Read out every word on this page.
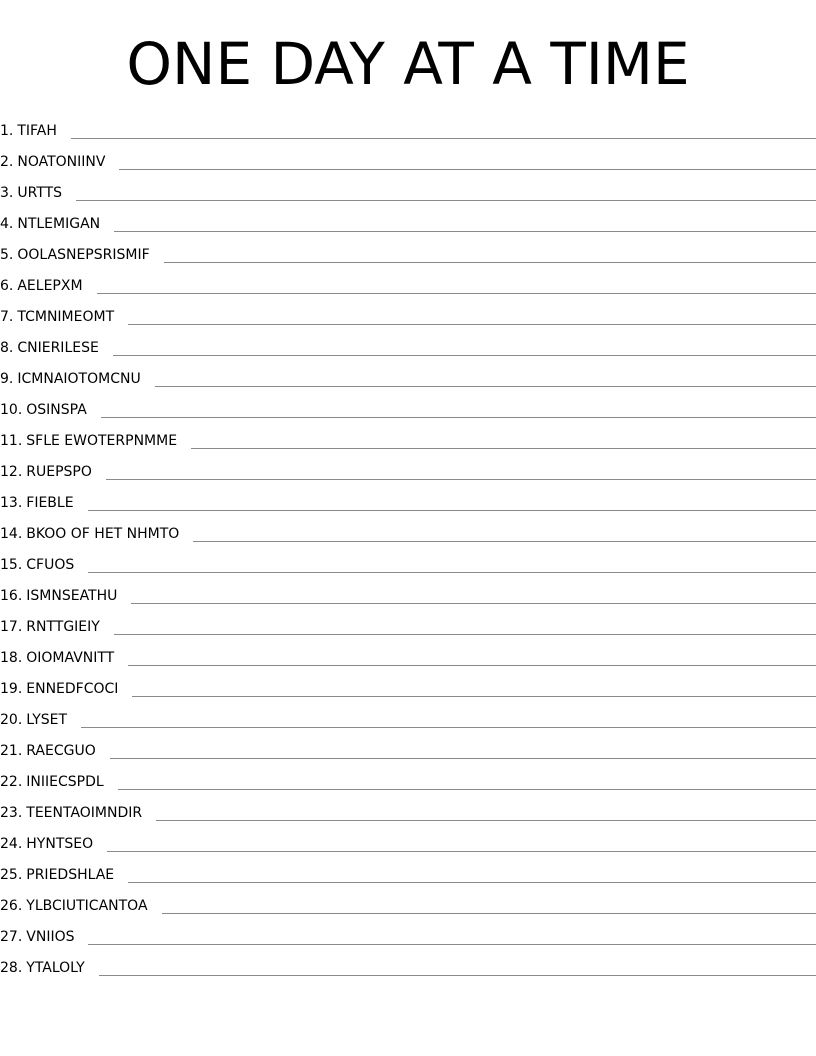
ONE DAY AT A TIME
1. TIFAH
2. NOATONIINV
3. URTTS
4. NTLEMIGAN
5. OOLASNEPSRISMIF
6. AELEPXM
7. TCMNIMEOMT
8. CNIERILESE
9. ICMNAIOTOMCNU
10. OSINSPA
11. SFLE EWOTERPNMME
12. RUEPSPO
13. FIEBLE
14. BKOO OF HET NHMTO
15. CFUOS
16. ISMNSEATHU
17. RNTTGIEIY
18. OIOMAVNITT
19. ENNEDFCOCI
20. LYSET
21. RAECGUO
22. INIIECSPDL
23. TEENTAOIMNDIR
24. HYNTSEO
25. PRIEDSHLAE
26. YLBCIUTICANTOA
27. VNIIOS
28. YTALOLY
